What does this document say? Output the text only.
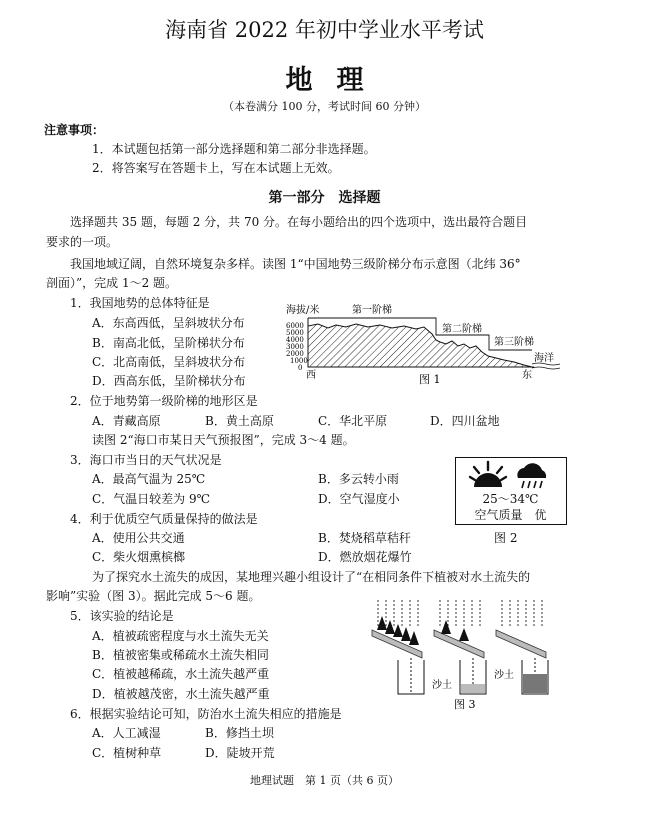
海南省 2022 年初中学业水平考试
地理
（本卷满分 100 分，考试时间 60 分钟）
注意事项：
1．本试题包括第一部分选择题和第二部分非选择题。
2．将答案写在答题卡上，写在本试题上无效。
第一部分　选择题
选择题共 35 题，每题 2 分，共 70 分。在每小题给出的四个选项中，选出最符合题目
要求的一项。
我国地域辽阔，自然环境复杂多样。读图 1“中国地势三级阶梯分布示意图（北纬 36°
剖面）”，完成 1～2 题。
1．我国地势的总体特征是
A．东高西低，呈斜坡状分布
B．南高北低，呈阶梯状分布
C．北高南低，呈斜坡状分布
D．西高东低，呈阶梯状分布
海拔/米	第一阶梯
第二阶梯
第三阶梯
海洋
6000
5000
4000
3000
2000
1000
0
西	东
图 1
2．位于地势第一级阶梯的地形区是
A．青藏高原	B．黄土高原	C．华北平原	D．四川盆地
读图 2“海口市某日天气预报图”，完成 3～4 题。
3．海口市当日的天气状况是
A．最高气温为 25℃	B．多云转小雨
C．气温日较差为 9℃	D．空气湿度小	25～34℃
空气质量　优
图 2
4．利于优质空气质量保持的做法是
A．使用公共交通	B．焚烧稻草秸秆
C．柴火烟熏槟榔	D．燃放烟花爆竹
为了探究水土流失的成因，某地理兴趣小组设计了“在相同条件下植被对水土流失的
影响”实验（图 3）。据此完成 5～6 题。
5．该实验的结论是
A．植被疏密程度与水土流失无关
B．植被密集或稀疏水土流失相同
C．植被越稀疏，水土流失越严重
D．植被越茂密，水土流失越严重
6．根据实验结论可知，防治水土流失相应的措施是
A．人工减湿	B．修挡土坝
C．植树种草	D．陡坡开荒
沙土
沙土
图 3
地理试题　第 1 页（共 6 页）
